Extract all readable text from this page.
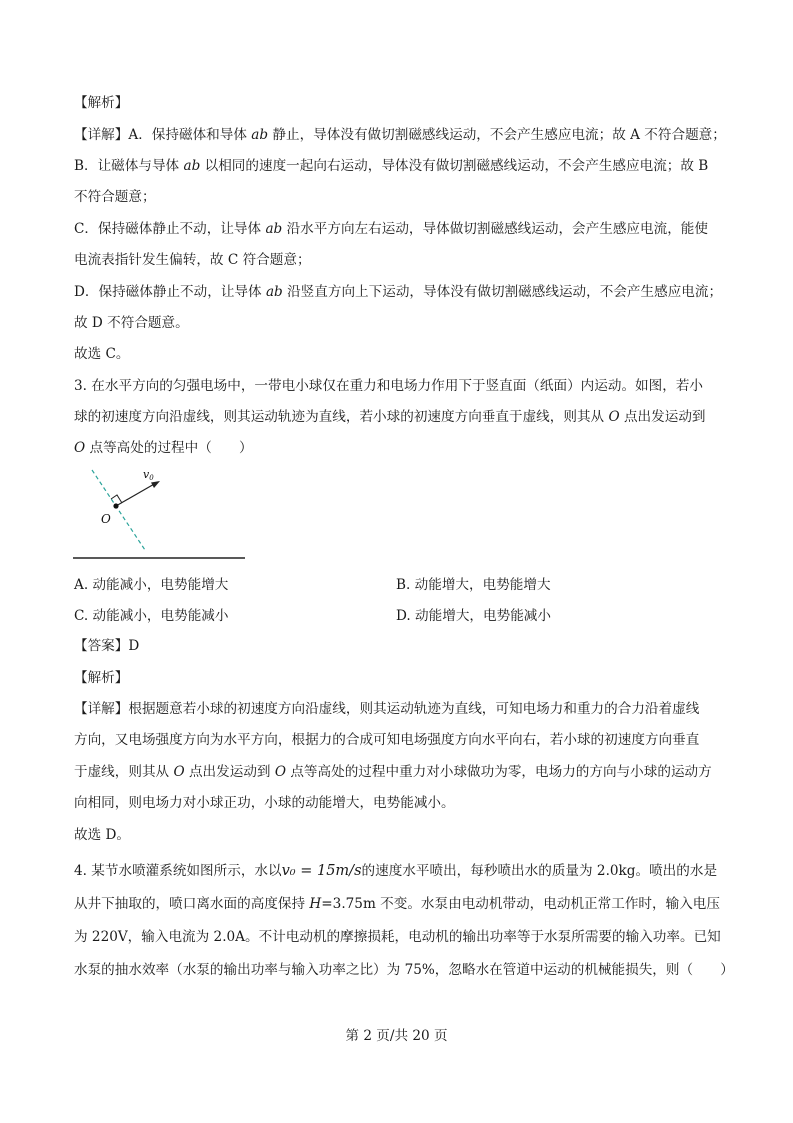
【解析】
【详解】A．保持磁体和导体 ab 静止，导体没有做切割磁感线运动，不会产生感应电流；故 A 不符合题意；
B．让磁体与导体 ab 以相同的速度一起向右运动，导体没有做切割磁感线运动，不会产生感应电流；故 B
不符合题意；
C．保持磁体静止不动，让导体 ab 沿水平方向左右运动，导体做切割磁感线运动，会产生感应电流，能使
电流表指针发生偏转，故 C 符合题意；
D．保持磁体静止不动，让导体 ab 沿竖直方向上下运动，导体没有做切割磁感线运动，不会产生感应电流；
故 D 不符合题意。
故选 C。
3. 在水平方向的匀强电场中，一带电小球仅在重力和电场力作用下于竖直面（纸面）内运动。如图，若小
球的初速度方向沿虚线，则其运动轨迹为直线，若小球的初速度方向垂直于虚线，则其从 O 点出发运动到
O 点等高处的过程中（　　）
O
v0
A. 动能减小，电势能增大	B. 动能增大，电势能增大
C. 动能减小，电势能减小	D. 动能增大，电势能减小
【答案】D
【解析】
【详解】根据题意若小球的初速度方向沿虚线，则其运动轨迹为直线，可知电场力和重力的合力沿着虚线
方向，又电场强度方向为水平方向，根据力的合成可知电场强度方向水平向右，若小球的初速度方向垂直
于虚线，则其从 O 点出发运动到 O 点等高处的过程中重力对小球做功为零，电场力的方向与小球的运动方
向相同，则电场力对小球正功，小球的动能增大，电势能减小。
故选 D。
4. 某节水喷灌系统如图所示，水以v₀ = 15m/s的速度水平喷出，每秒喷出水的质量为 2.0kg。喷出的水是
从井下抽取的，喷口离水面的高度保持 H=3.75m 不变。水泵由电动机带动，电动机正常工作时，输入电压
为 220V，输入电流为 2.0A。不计电动机的摩擦损耗，电动机的输出功率等于水泵所需要的输入功率。已知
水泵的抽水效率（水泵的输出功率与输入功率之比）为 75%，忽略水在管道中运动的机械能损失，则（　　）
第 2 页/共 20 页
